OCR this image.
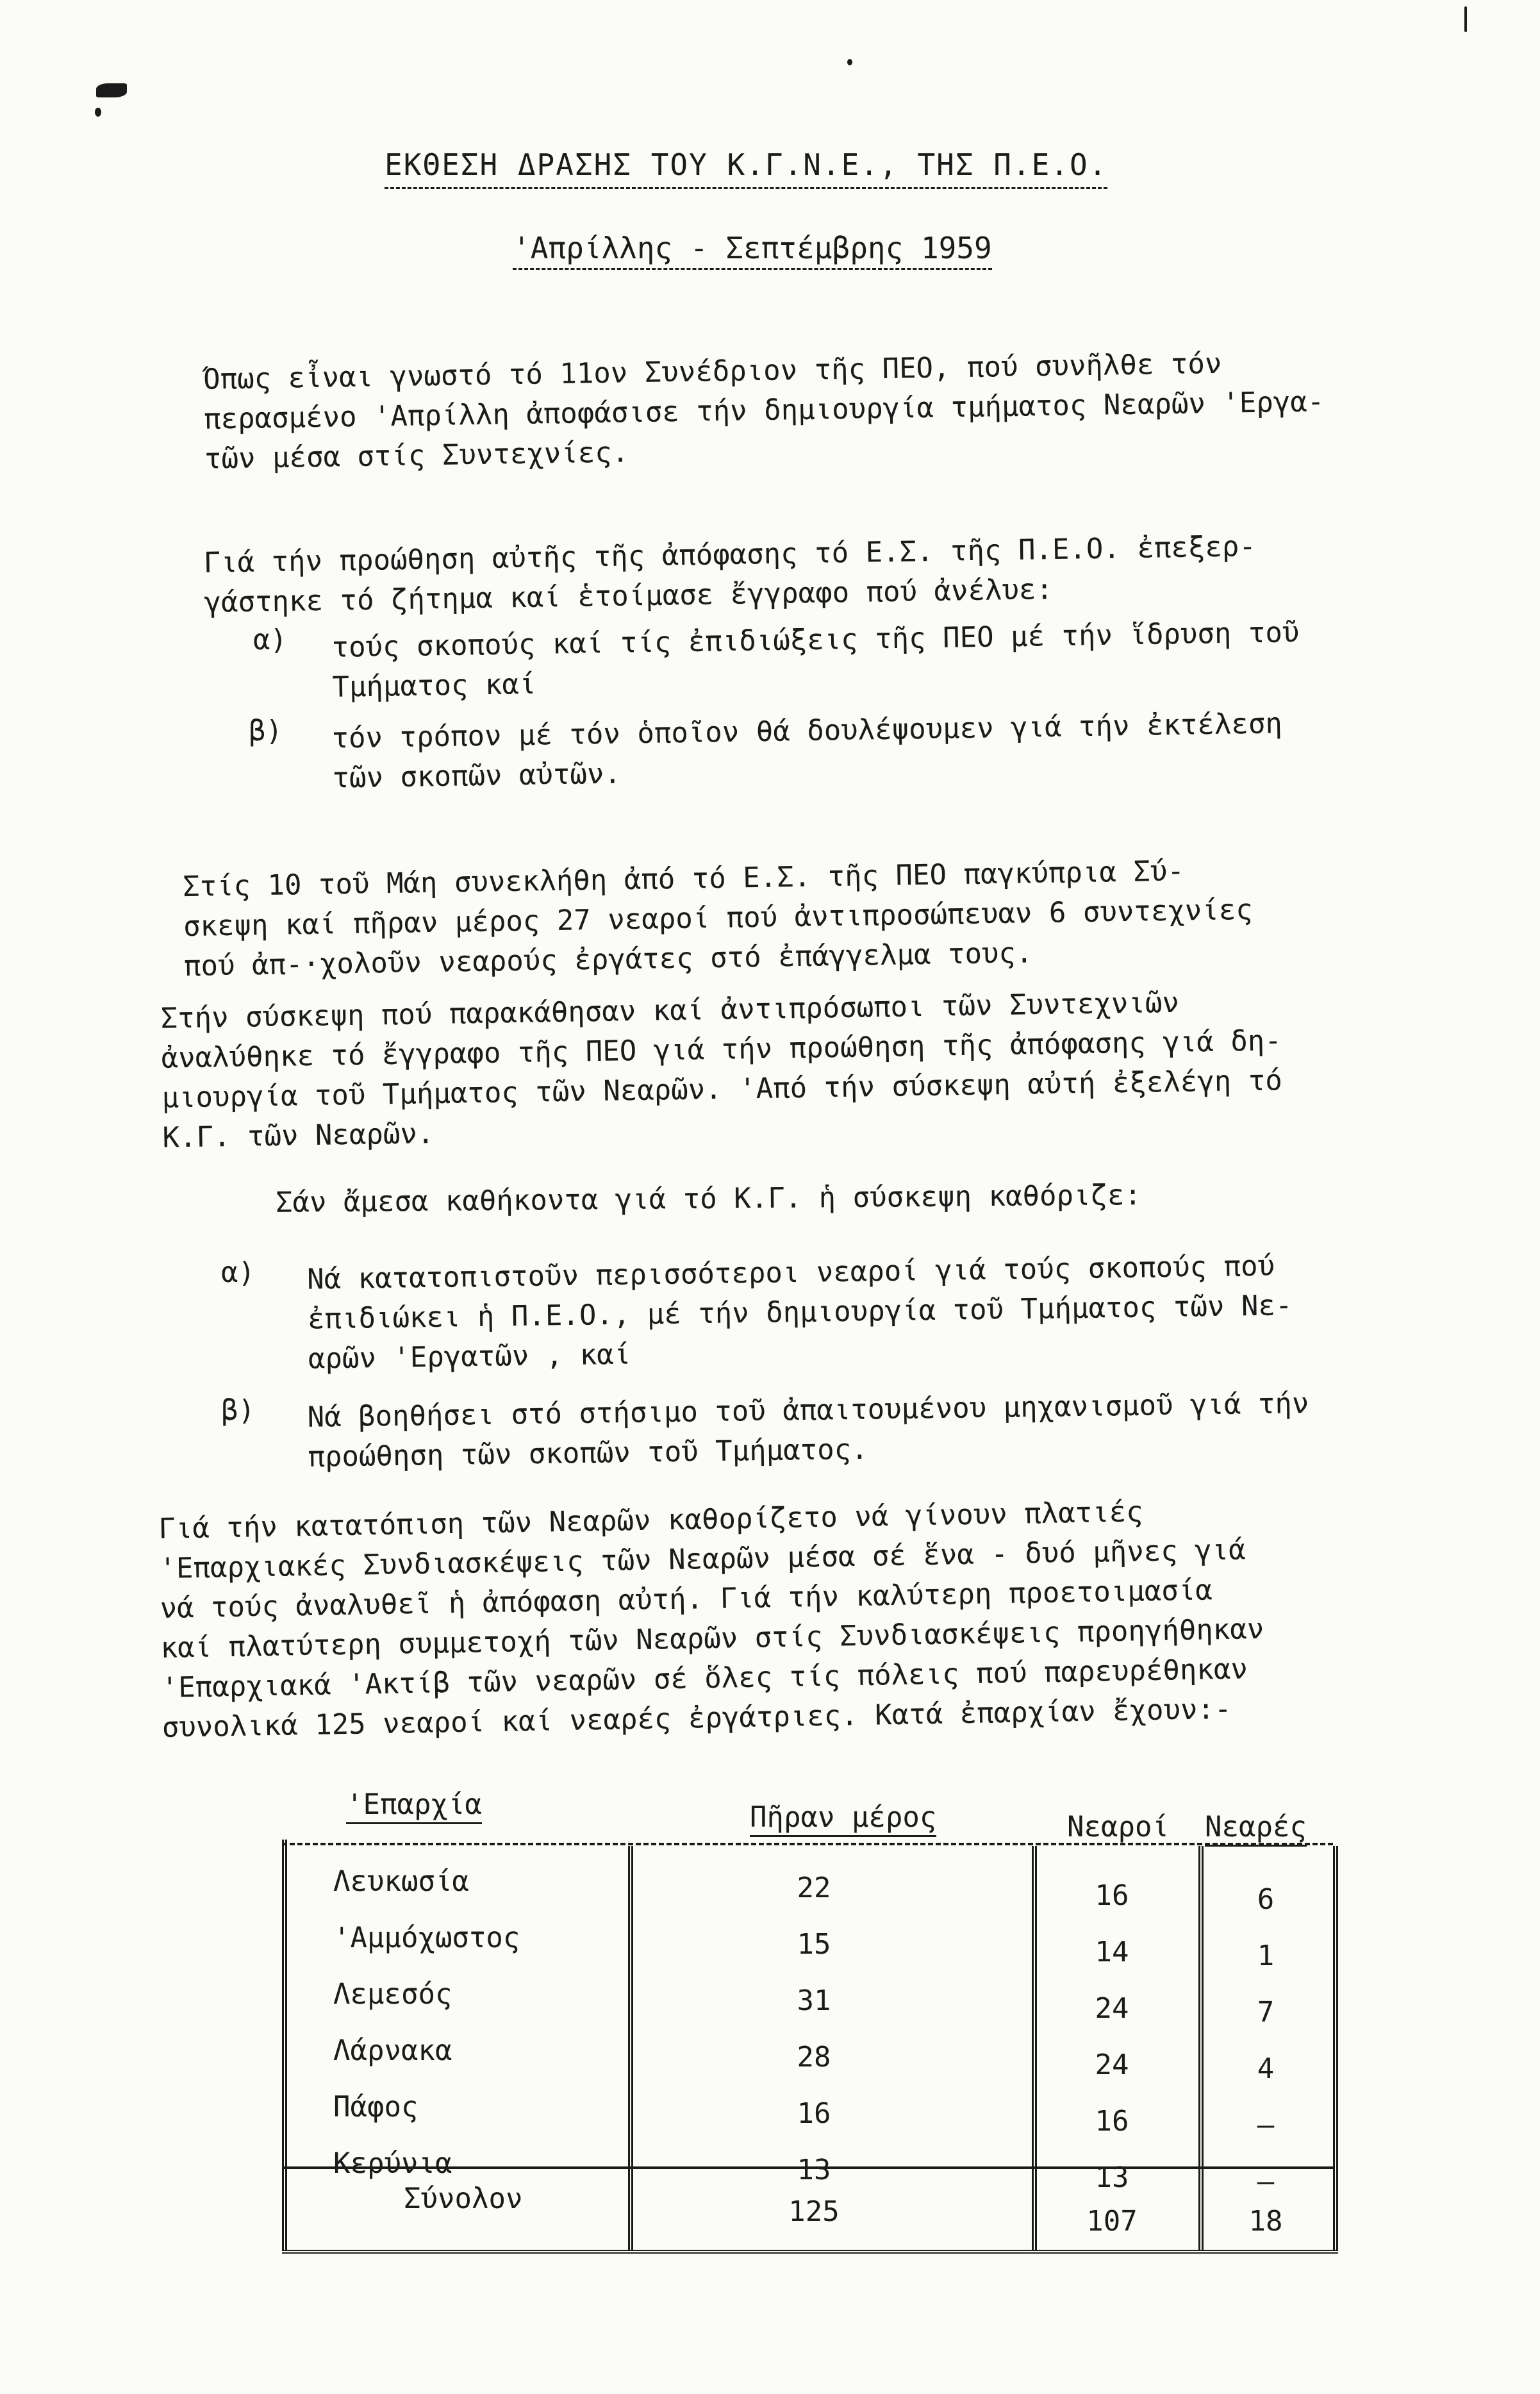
ΕΚΘΕΣΗ ΔΡΑΣΗΣ ΤΟΥ Κ.Γ.Ν.Ε., ΤΗΣ Π.Ε.Ο.
'Απρίλλης - Σεπτέμβρης 1959
Όπως εἶναι γνωστό τό 11ον Συνέδριον τῆς ΠΕΟ, πού συνῆλθε τόν
περασμένο 'Απρίλλη ἀποφάσισε τήν δημιουργία τμήματος Νεαρῶν 'Εργα-
τῶν μέσα στίς Συντεχνίες.
Γιά τήν προώθηση αὐτῆς τῆς ἀπόφασης τό Ε.Σ. τῆς Π.Ε.Ο. ἐπεξερ-
γάστηκε τό ζήτημα καί ἑτοίμασε ἔγγραφο πού ἀνέλυε:
α) τούς σκοπούς καί τίς ἐπιδιώξεις τῆς ΠΕΟ μέ τήν ἵδρυση τοῦ
Τμήματος καί
β) τόν τρόπον μέ τόν ὁποῖον θά δουλέψουμεν γιά τήν ἐκτέλεση
τῶν σκοπῶν αὐτῶν.
Στίς 10 τοῦ Μάη συνεκλήθη ἀπό τό Ε.Σ. τῆς ΠΕΟ παγκύπρια Σύ-
σκεψη καί πῆραν μέρος 27 νεαροί πού ἀντιπροσώπευαν 6 συντεχνίες
πού ἀπ-·χολοῦν νεαρούς ἐργάτες στό ἐπάγγελμα τους.
Στήν σύσκεψη πού παρακάθησαν καί ἀντιπρόσωποι τῶν Συντεχνιῶν
ἀναλύθηκε τό ἔγγραφο τῆς ΠΕΟ γιά τήν προώθηση τῆς ἀπόφασης γιά δη-
μιουργία τοῦ Τμήματος τῶν Νεαρῶν. 'Από τήν σύσκεψη αὐτή ἐξελέγη τό
Κ.Γ. τῶν Νεαρῶν.
Σάν ἄμεσα καθήκοντα γιά τό Κ.Γ. ἡ σύσκεψη καθόριζε:
α) Νά κατατοπιστοῦν περισσότεροι νεαροί γιά τούς σκοπούς πού
ἐπιδιώκει ἡ Π.Ε.Ο., μέ τήν δημιουργία τοῦ Τμήματος τῶν Νε-
αρῶν 'Εργατῶν , καί
β) Νά βοηθήσει στό στήσιμο τοῦ ἀπαιτουμένου μηχανισμοῦ γιά τήν
προώθηση τῶν σκοπῶν τοῦ Τμήματος.
Γιά τήν κατατόπιση τῶν Νεαρῶν καθορίζετο νά γίνουν πλατιές
'Επαρχιακές Συνδιασκέψεις τῶν Νεαρῶν μέσα σέ ἕνα - δυό μῆνες γιά
νά τούς ἀναλυθεῖ ἡ ἀπόφαση αὐτή. Γιά τήν καλύτερη προετοιμασία
καί πλατύτερη συμμετοχή τῶν Νεαρῶν στίς Συνδιασκέψεις προηγήθηκαν
'Επαρχιακά 'Ακτίβ τῶν νεαρῶν σέ ὅλες τίς πόλεις πού παρευρέθηκαν
συνολικά 125 νεαροί καί νεαρές ἐργάτριες. Κατά ἐπαρχίαν ἔχουν:-
'Επαρχία	Πῆραν μέρος	Νεαροί Νεαρές
Λευκωσία	22	16	6
'Αμμόχωστος	15	14	1
Λεμεσός	31	24	7
Λάρνακα	28	24	4
Πάφος	16	16	—
Κερύνια	13	13	—
Σύνολον	125	107	18
